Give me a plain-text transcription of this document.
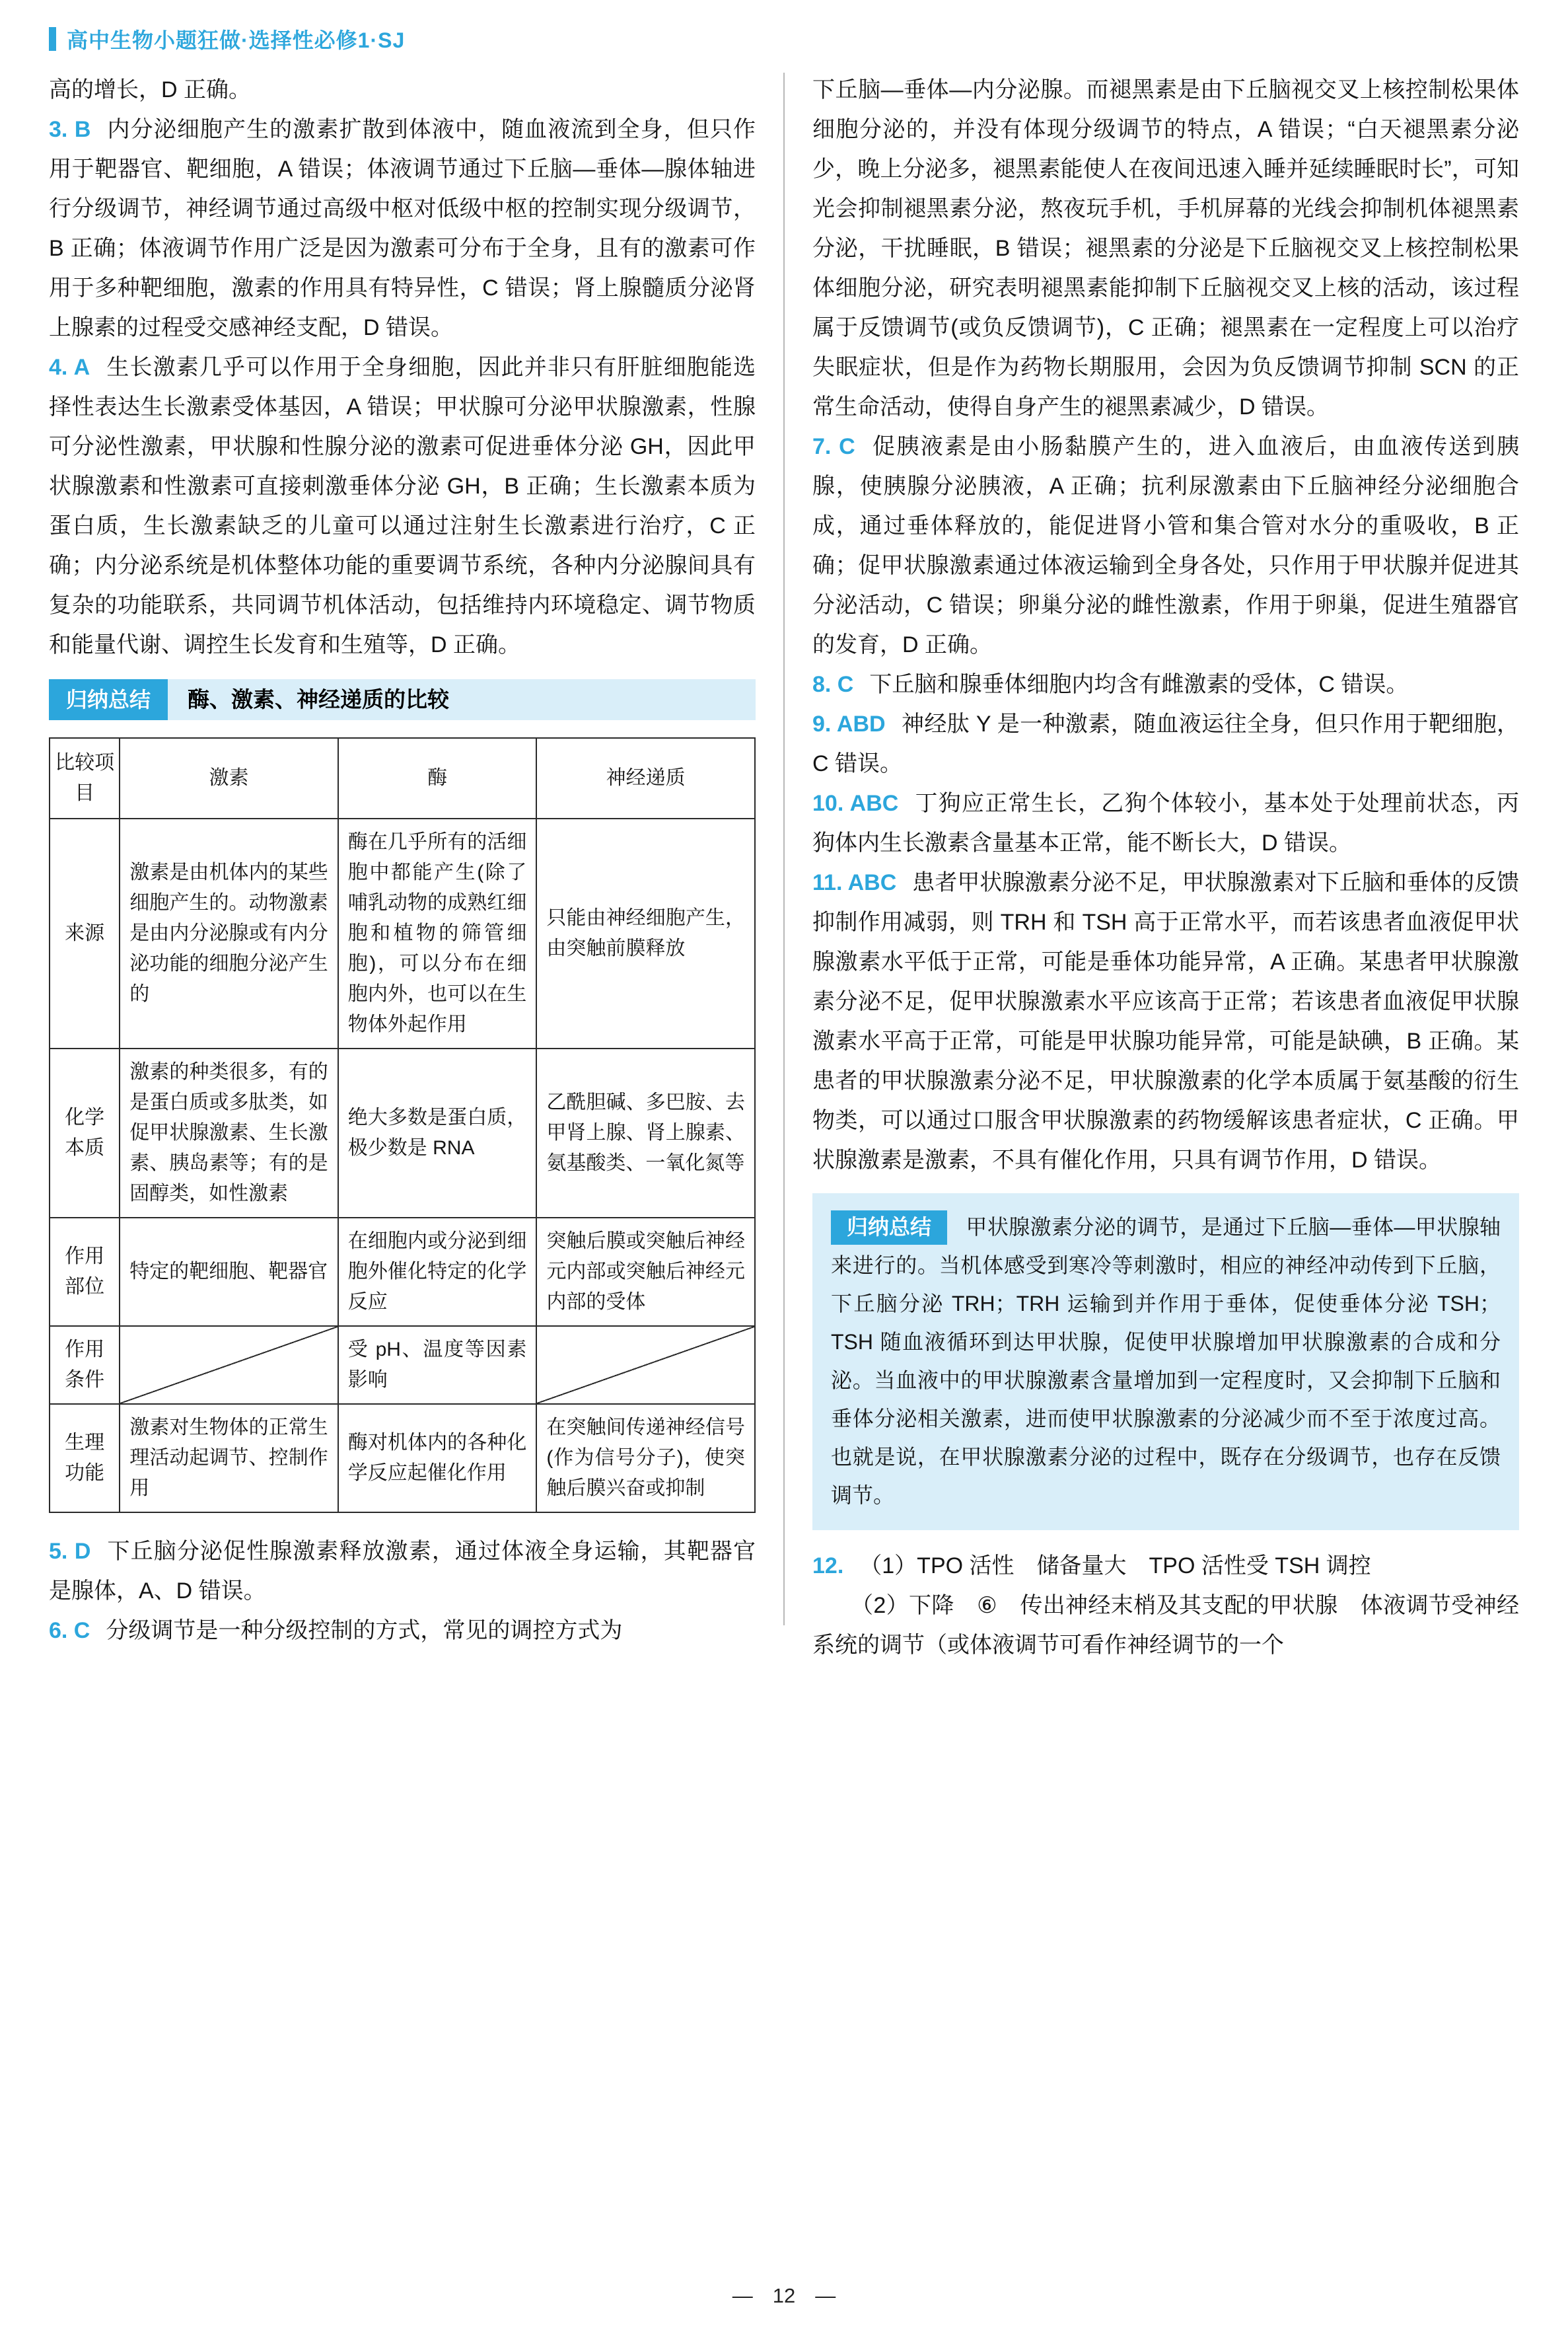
高中生物小题狂做·选择性必修1·SJ

高的增长，D 正确。

3. B 内分泌细胞产生的激素扩散到体液中，随血液流到全身，但只作用于靶器官、靶细胞，A 错误；体液调节通过下丘脑—垂体—腺体轴进行分级调节，神经调节通过高级中枢对低级中枢的控制实现分级调节，B 正确；体液调节作用广泛是因为激素可分布于全身，且有的激素可作用于多种靶细胞，激素的作用具有特异性，C 错误；肾上腺髓质分泌肾上腺素的过程受交感神经支配，D 错误。

4. A 生长激素几乎可以作用于全身细胞，因此并非只有肝脏细胞能选择性表达生长激素受体基因，A 错误；甲状腺可分泌甲状腺激素，性腺可分泌性激素，甲状腺和性腺分泌的激素可促进垂体分泌 GH，因此甲状腺激素和性激素可直接刺激垂体分泌 GH，B 正确；生长激素本质为蛋白质，生长激素缺乏的儿童可以通过注射生长激素进行治疗，C 正确；内分泌系统是机体整体功能的重要调节系统，各种内分泌腺间具有复杂的功能联系，共同调节机体活动，包括维持内环境稳定、调节物质和能量代谢、调控生长发育和生殖等，D 正确。

归纳总结	酶、激素、神经递质的比较
比较项目	激素	酶	神经递质
来源	激素是由机体内的某些细胞产生的。动物激素是由内分泌腺或有内分泌功能的细胞分泌产生的	酶在几乎所有的活细胞中都能产生(除了哺乳动物的成熟红细胞和植物的筛管细胞)，可以分布在细胞内外，也可以在生物体外起作用	只能由神经细胞产生，由突触前膜释放
化学本质	激素的种类很多，有的是蛋白质或多肽类，如促甲状腺激素、生长激素、胰岛素等；有的是固醇类，如性激素	绝大多数是蛋白质，极少数是 RNA	乙酰胆碱、多巴胺、去甲肾上腺、肾上腺素、氨基酸类、一氧化氮等
作用部位	特定的靶细胞、靶器官	在细胞内或分泌到细胞外催化特定的化学反应	突触后膜或突触后神经元内部或突触后神经元内部的受体
作用条件		受 pH、温度等因素影响	
生理功能	激素对生物体的正常生理活动起调节、控制作用	酶对机体内的各种化学反应起催化作用	在突触间传递神经信号(作为信号分子)，使突触后膜兴奋或抑制

5. D 下丘脑分泌促性腺激素释放激素，通过体液全身运输，其靶器官是腺体，A、D 错误。

6. C 分级调节是一种分级控制的方式，常见的调控方式为

下丘脑—垂体—内分泌腺。而褪黑素是由下丘脑视交叉上核控制松果体细胞分泌的，并没有体现分级调节的特点，A 错误；“白天褪黑素分泌少，晚上分泌多，褪黑素能使人在夜间迅速入睡并延续睡眠时长”，可知光会抑制褪黑素分泌，熬夜玩手机，手机屏幕的光线会抑制机体褪黑素分泌，干扰睡眠，B 错误；褪黑素的分泌是下丘脑视交叉上核控制松果体细胞分泌，研究表明褪黑素能抑制下丘脑视交叉上核的活动，该过程属于反馈调节(或负反馈调节)，C 正确；褪黑素在一定程度上可以治疗失眠症状，但是作为药物长期服用，会因为负反馈调节抑制 SCN 的正常生命活动，使得自身产生的褪黑素减少，D 错误。

7. C 促胰液素是由小肠黏膜产生的，进入血液后，由血液传送到胰腺，使胰腺分泌胰液，A 正确；抗利尿激素由下丘脑神经分泌细胞合成，通过垂体释放的，能促进肾小管和集合管对水分的重吸收，B 正确；促甲状腺激素通过体液运输到全身各处，只作用于甲状腺并促进其分泌活动，C 错误；卵巢分泌的雌性激素，作用于卵巢，促进生殖器官的发育，D 正确。

8. C 下丘脑和腺垂体细胞内均含有雌激素的受体，C 错误。

9. ABD 神经肽 Y 是一种激素，随血液运往全身，但只作用于靶细胞，C 错误。

10. ABC 丁狗应正常生长，乙狗个体较小，基本处于处理前状态，丙狗体内生长激素含量基本正常，能不断长大，D 错误。

11. ABC 患者甲状腺激素分泌不足，甲状腺激素对下丘脑和垂体的反馈抑制作用减弱，则 TRH 和 TSH 高于正常水平，而若该患者血液促甲状腺激素水平低于正常，可能是垂体功能异常，A 正确。某患者甲状腺激素分泌不足，促甲状腺激素水平应该高于正常；若该患者血液促甲状腺激素水平高于正常，可能是甲状腺功能异常，可能是缺碘，B 正确。某患者的甲状腺激素分泌不足，甲状腺激素的化学本质属于氨基酸的衍生物类，可以通过口服含甲状腺激素的药物缓解该患者症状，C 正确。甲状腺激素是激素，不具有催化作用，只具有调节作用，D 错误。

归纳总结 甲状腺激素分泌的调节，是通过下丘脑—垂体—甲状腺轴来进行的。当机体感受到寒冷等刺激时，相应的神经冲动传到下丘脑，下丘脑分泌 TRH；TRH 运输到并作用于垂体，促使垂体分泌 TSH；TSH 随血液循环到达甲状腺，促使甲状腺增加甲状腺激素的合成和分泌。当血液中的甲状腺激素含量增加到一定程度时，又会抑制下丘脑和垂体分泌相关激素，进而使甲状腺激素的分泌减少而不至于浓度过高。也就是说，在甲状腺激素分泌的过程中，既存在分级调节，也存在反馈调节。

12. （1）TPO 活性　储备量大　TPO 活性受 TSH 调控

（2）下降　⑥　传出神经末梢及其支配的甲状腺　体液调节受神经系统的调节（或体液调节可看作神经调节的一个

— 12 —
